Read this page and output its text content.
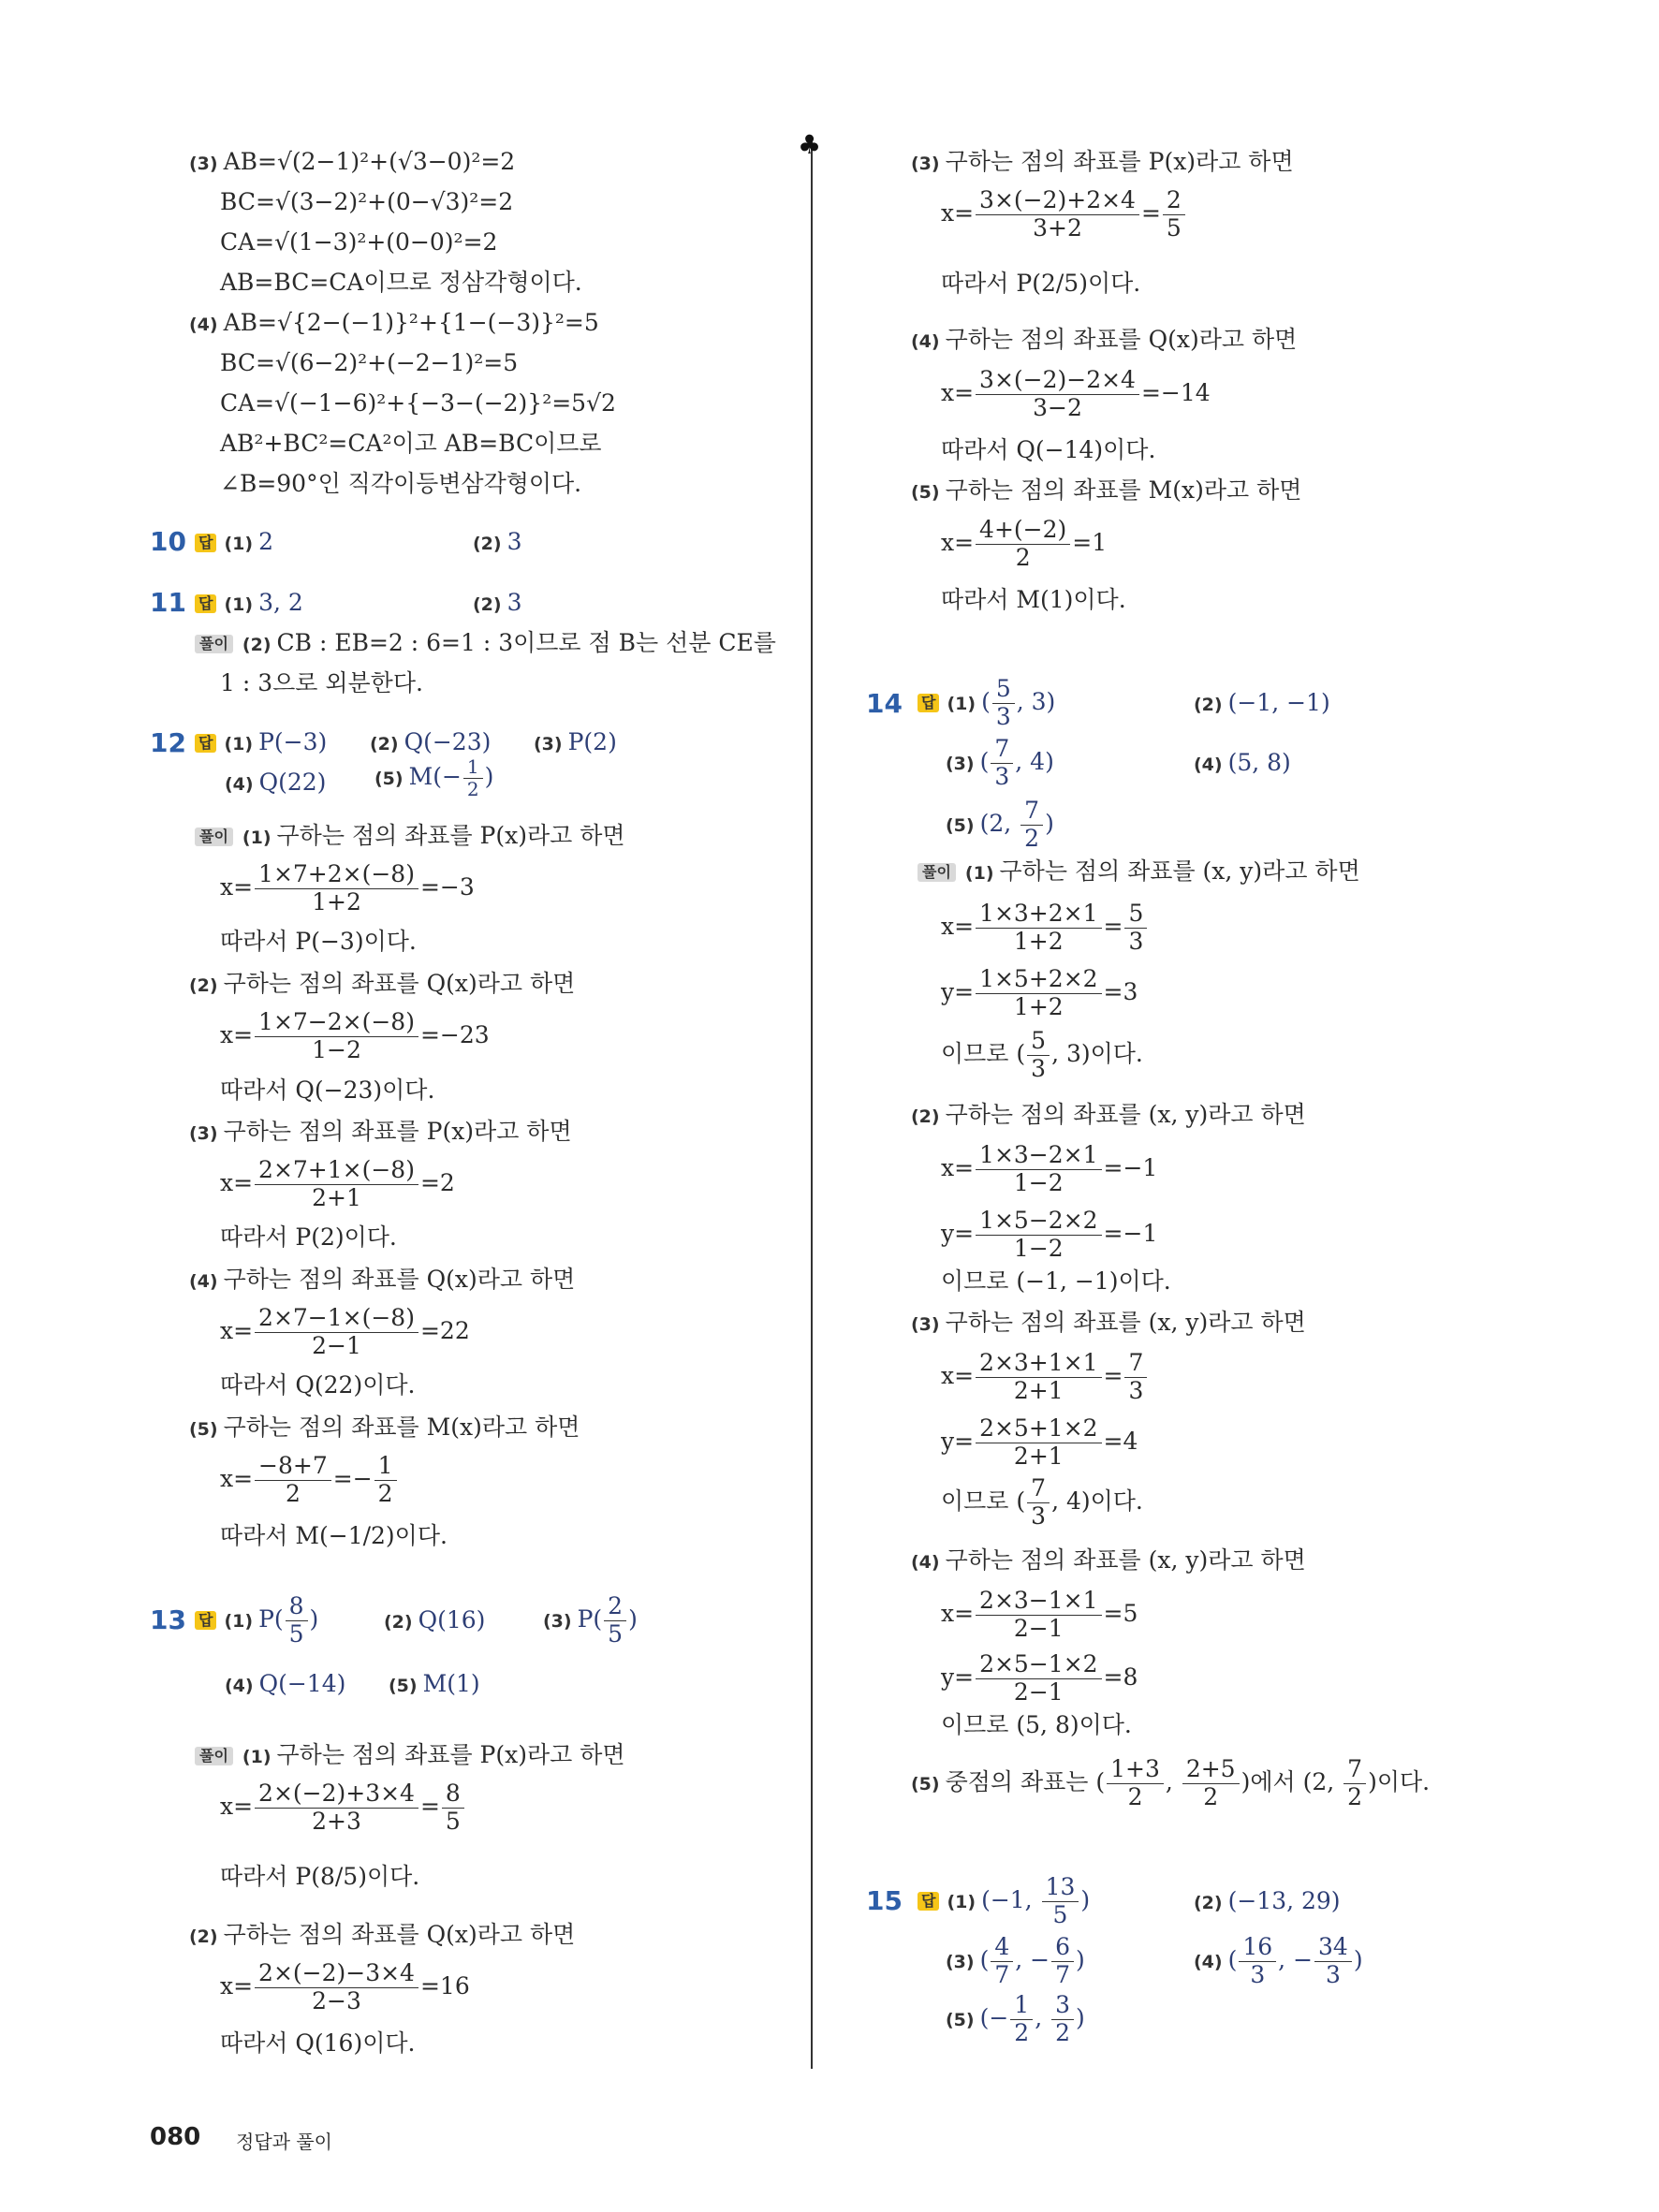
♣
(3) AB=√(2−1)²+(√3−0)²=2
BC=√(3−2)²+(0−√3)²=2
CA=√(1−3)²+(0−0)²=2
AB=BC=CA이므로 정삼각형이다.
(4) AB=√{2−(−1)}²+{1−(−3)}²=5
BC=√(6−2)²+(−2−1)²=5
CA=√(−1−6)²+{−3−(−2)}²=5√2
AB²+BC²=CA²이고 AB=BC이므로
∠B=90°인 직각이등변삼각형이다.
10 답 (1) 2	(2) 3
11 답 (1) 3, 2	(2) 3
풀이 (2) CB : EB=2 : 6=1 : 3이므로 점 B는 선분 CE를
1 : 3으로 외분한다.
12 답 (1) P(−3) (2) Q(−23) (3) P(2)
(4) Q(22)	(5) $M(- \frac{1}{2}$ )
풀이 (1) 구하는 점의 좌표를 P(x)라고 하면
$x= \frac{1\times 7+2\times(-8)}{1+2} =-3$
따라서 P(−3)이다.
(2) 구하는 점의 좌표를 Q(x)라고 하면
$x= \frac{1\times 7-2\times(-8)}{1-2} =-23$
따라서 Q(−23)이다.
(3) 구하는 점의 좌표를 P(x)라고 하면
$x= \frac{2\times 7+1\times(-8)}{2+1} =2$
따라서 P(2)이다.
(4) 구하는 점의 좌표를 Q(x)라고 하면
$x= \frac{2\times 7-1\times(-8)}{2-1} =22$
따라서 Q(22)이다.
(5) 구하는 점의 좌표를 M(x)라고 하면
$x= \frac{-8+7}{2} =- \frac{1}{2}$
따라서 M(−1/2)이다.
13 답 (1) $P( \frac{8}{5}$ )	(2) Q(16)	(3) $P( \frac{2}{5}$ )
(4) Q(−14) (5) M(1)
풀이 (1) 구하는 점의 좌표를 P(x)라고 하면
$x= \frac{2\times(-2)+3\times 4}{2+3} = \frac{8}{5}$
따라서 P(8/5)이다.
(2) 구하는 점의 좌표를 Q(x)라고 하면
$x= \frac{2\times(-2)-3\times 4}{2-3} =16$
따라서 Q(16)이다.
(3) 구하는 점의 좌표를 P(x)라고 하면
$x= \frac{3\times(-2)+2\times 4}{3+2} = \frac{2}{5}$
따라서 P(2/5)이다.
(4) 구하는 점의 좌표를 Q(x)라고 하면
$x= \frac{3\times(-2)-2\times 4}{3-2} =-14$
따라서 Q(−14)이다.
(5) 구하는 점의 좌표를 M(x)라고 하면
$x= \frac{4+(-2)}{2} =1$
따라서 M(1)이다.
14 답 (1) ( $\frac{5}{3}$ , 3)	(2) (−1, −1)
(3) ( $\frac{7}{3}$ , 4)	(4) (5, 8)
(5) (2, $\frac{7}{2}$ )
풀이 (1) 구하는 점의 좌표를 (x, y)라고 하면
$x= \frac{1\times 3+2\times 1}{1+2} = \frac{5}{3}$
$y= \frac{1\times 5+2\times 2}{1+2} =3$
이므로 ( $\frac{5}{3}$ , 3)이다.
(2) 구하는 점의 좌표를 (x, y)라고 하면
$x= \frac{1\times 3-2\times 1}{1-2} =-1$
$y= \frac{1\times 5-2\times 2}{1-2} =-1$
이므로 (−1, −1)이다.
(3) 구하는 점의 좌표를 (x, y)라고 하면
$x= \frac{2\times 3+1\times 1}{2+1} = \frac{7}{3}$
$y= \frac{2\times 5+1\times 2}{2+1} =4$
이므로 ( $\frac{7}{3}$ , 4)이다.
(4) 구하는 점의 좌표를 (x, y)라고 하면
$x= \frac{2\times 3-1\times 1}{2-1} =5$
$y= \frac{2\times 5-1\times 2}{2-1} =8$
이므로 (5, 8)이다.
(5) 중점의 좌표는 ( $\frac{1+3}{2}$ , $\frac{2+5}{2}$ )에서 (2, $\frac{7}{2}$ )이다.
15 답 (1) (−1, $\frac{13}{5}$ )	(2) (−13, 29)
(3) ( $\frac{4}{7}$ , − $\frac{6}{7}$ )	(4) ( $\frac{16}{3}$ , − $\frac{34}{3}$ )
(5) (− $\frac{1}{2}$ , $\frac{3}{2}$ )
080 정답과 풀이
